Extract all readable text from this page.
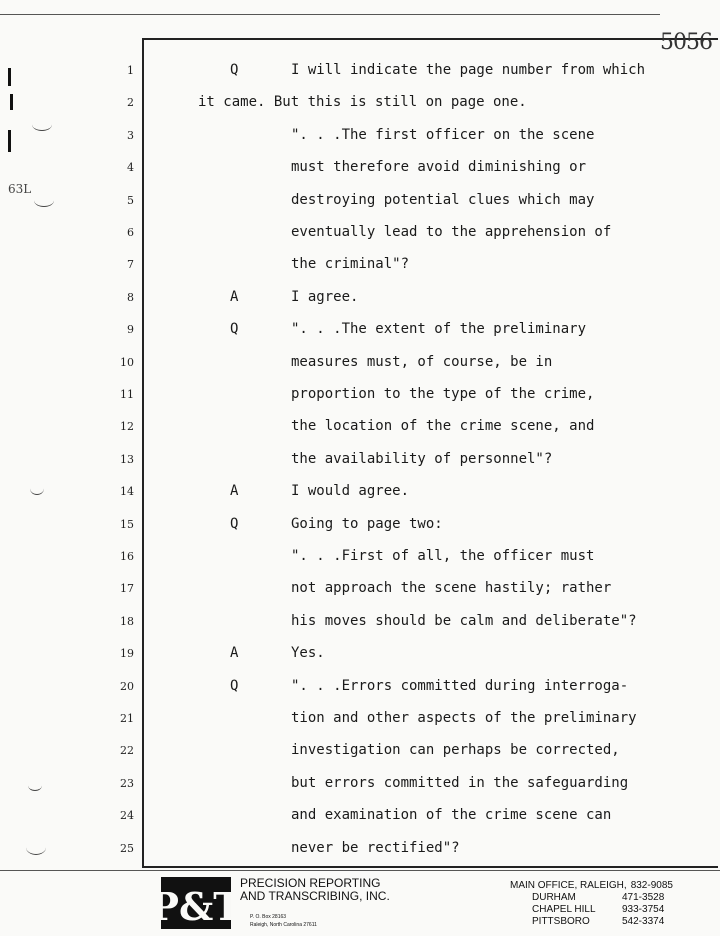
5056
63L
1	Q	I will indicate the page number from which
2	it came. But this is still on page one.
3	". . .The first officer on the scene
4	must therefore avoid diminishing or
5	destroying potential clues which may
6	eventually lead to the apprehension of
7	the criminal"?
8	A	I agree.
9	Q	". . .The extent of the preliminary
10	measures must, of course, be in
11	proportion to the type of the crime,
12	the location of the crime scene, and
13	the availability of personnel"?
14	A	I would agree.
15	Q	Going to page two:
16	". . .First of all, the officer must
17	not approach the scene hastily; rather
18	his moves should be calm and deliberate"?
19	A	Yes.
20	Q	". . .Errors committed during interroga-
21	tion and other aspects of the preliminary
22	investigation can perhaps be corrected,
23	but errors committed in the safeguarding
24	and examination of the crime scene can
25	never be rectified"?
P&T
PRECISION REPORTING
AND TRANSCRIBING, INC.
P. O. Box 28163
Raleigh, North Carolina 27611
MAIN OFFICE, RALEIGH, 832-9085
DURHAM	471-3528
CHAPEL HILL	933-3754
PITTSBORO	542-3374
